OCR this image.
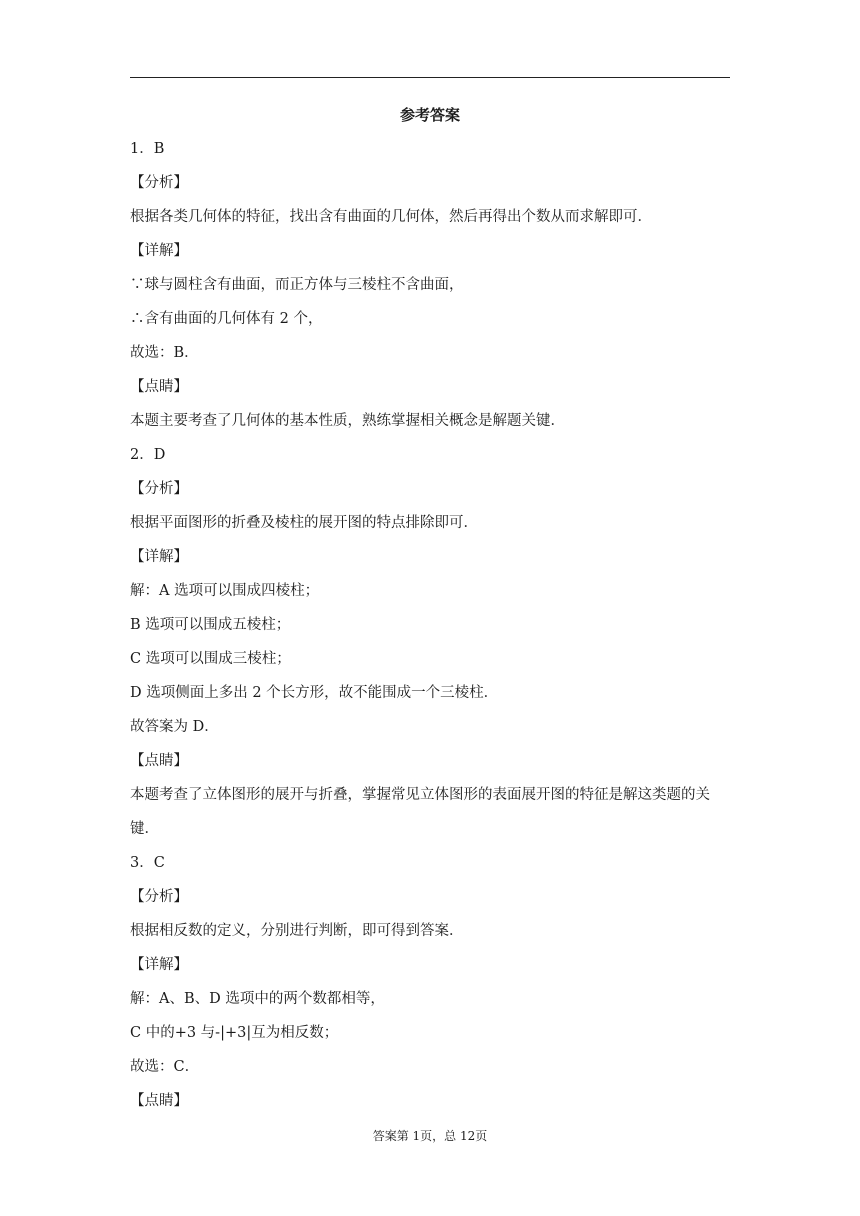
参考答案
1．B
【分析】
根据各类几何体的特征，找出含有曲面的几何体，然后再得出个数从而求解即可．
【详解】
∵球与圆柱含有曲面，而正方体与三棱柱不含曲面，
∴含有曲面的几何体有 2 个，
故选：B．
【点睛】
本题主要考查了几何体的基本性质，熟练掌握相关概念是解题关键．
2．D
【分析】
根据平面图形的折叠及棱柱的展开图的特点排除即可．
【详解】
解：A 选项可以围成四棱柱；
B 选项可以围成五棱柱；
C 选项可以围成三棱柱；
D 选项侧面上多出 2 个长方形，故不能围成一个三棱柱．
故答案为 D．
【点睛】
本题考查了立体图形的展开与折叠，掌握常见立体图形的表面展开图的特征是解这类题的关
键．
3．C
【分析】
根据相反数的定义，分别进行判断，即可得到答案．
【详解】
解：A、B、D 选项中的两个数都相等，
C 中的+3 与-|+3|互为相反数；
故选：C．
【点睛】
答案第 1页，总 12页
